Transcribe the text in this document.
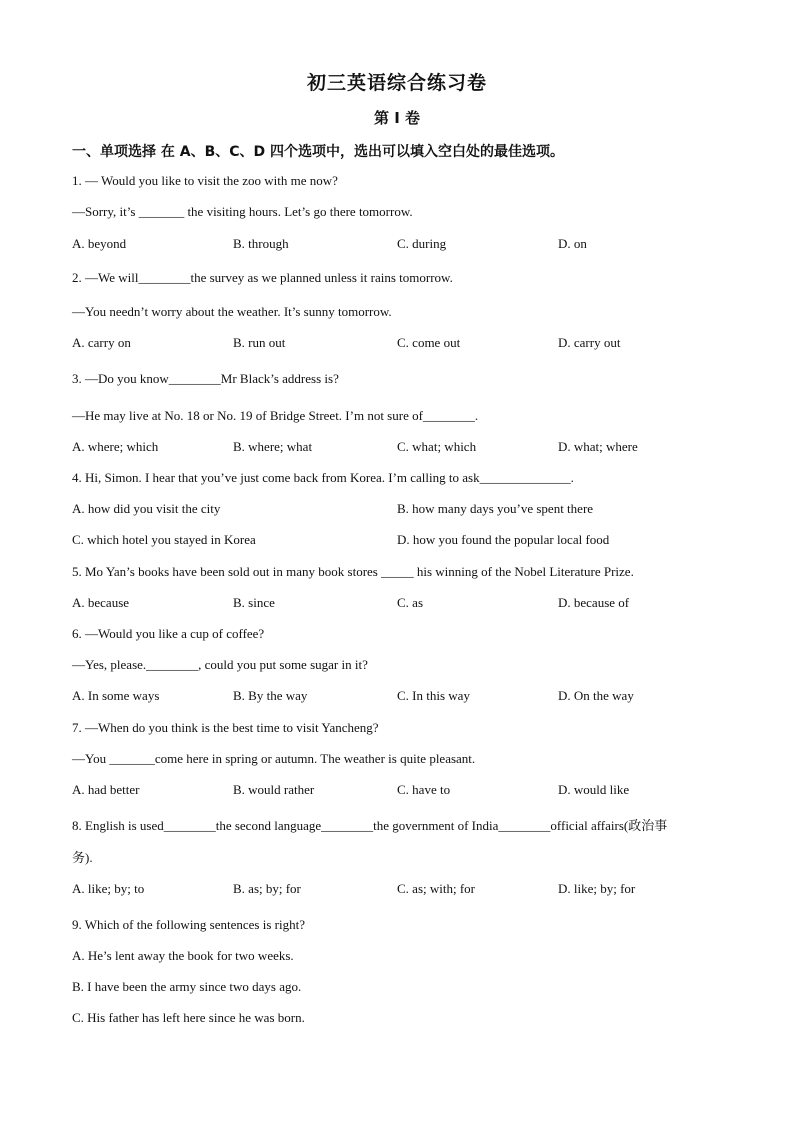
初三英语综合练习卷
第 I 卷
一、单项选择 在 A、B、C、D 四个选项中，选出可以填入空白处的最佳选项。
1. — Would you like to visit the zoo with me now?
—Sorry, it’s _______ the visiting hours. Let’s go there tomorrow.
A. beyond	B. through	C. during	D. on
2. —We will________the survey as we planned unless it rains tomorrow.
—You needn’t worry about the weather. It’s sunny tomorrow.
A. carry on	B. run out	C. come out	D. carry out
3. —Do you know________Mr Black’s address is?
—He may live at No. 18 or No. 19 of Bridge Street. I’m not sure of________.
A. where; which	B. where; what	C. what; which	D. what; where
4. Hi, Simon. I hear that you’ve just come back from Korea. I’m calling to ask______________.
A. how did you visit the city	B. how many days you’ve spent there
C. which hotel you stayed in Korea	D. how you found the popular local food
5. Mo Yan’s books have been sold out in many book stores _____ his winning of the Nobel Literature Prize.
A. because	B. since	C. as	D. because of
6. —Would you like a cup of coffee?
—Yes, please.________, could you put some sugar in it?
A. In some ways	B. By the way	C. In this way	D. On the way
7. —When do you think is the best time to visit Yancheng?
—You _______come here in spring or autumn. The weather is quite pleasant.
A. had better	B. would rather	C. have to	D. would like
8. English is used________the second language________the government of India________official affairs(政治事
务).
A. like; by; to	B. as; by; for	C. as; with; for	D. like; by; for
9. Which of the following sentences is right?
A. He’s lent away the book for two weeks.
B. I have been the army since two days ago.
C. His father has left here since he was born.
